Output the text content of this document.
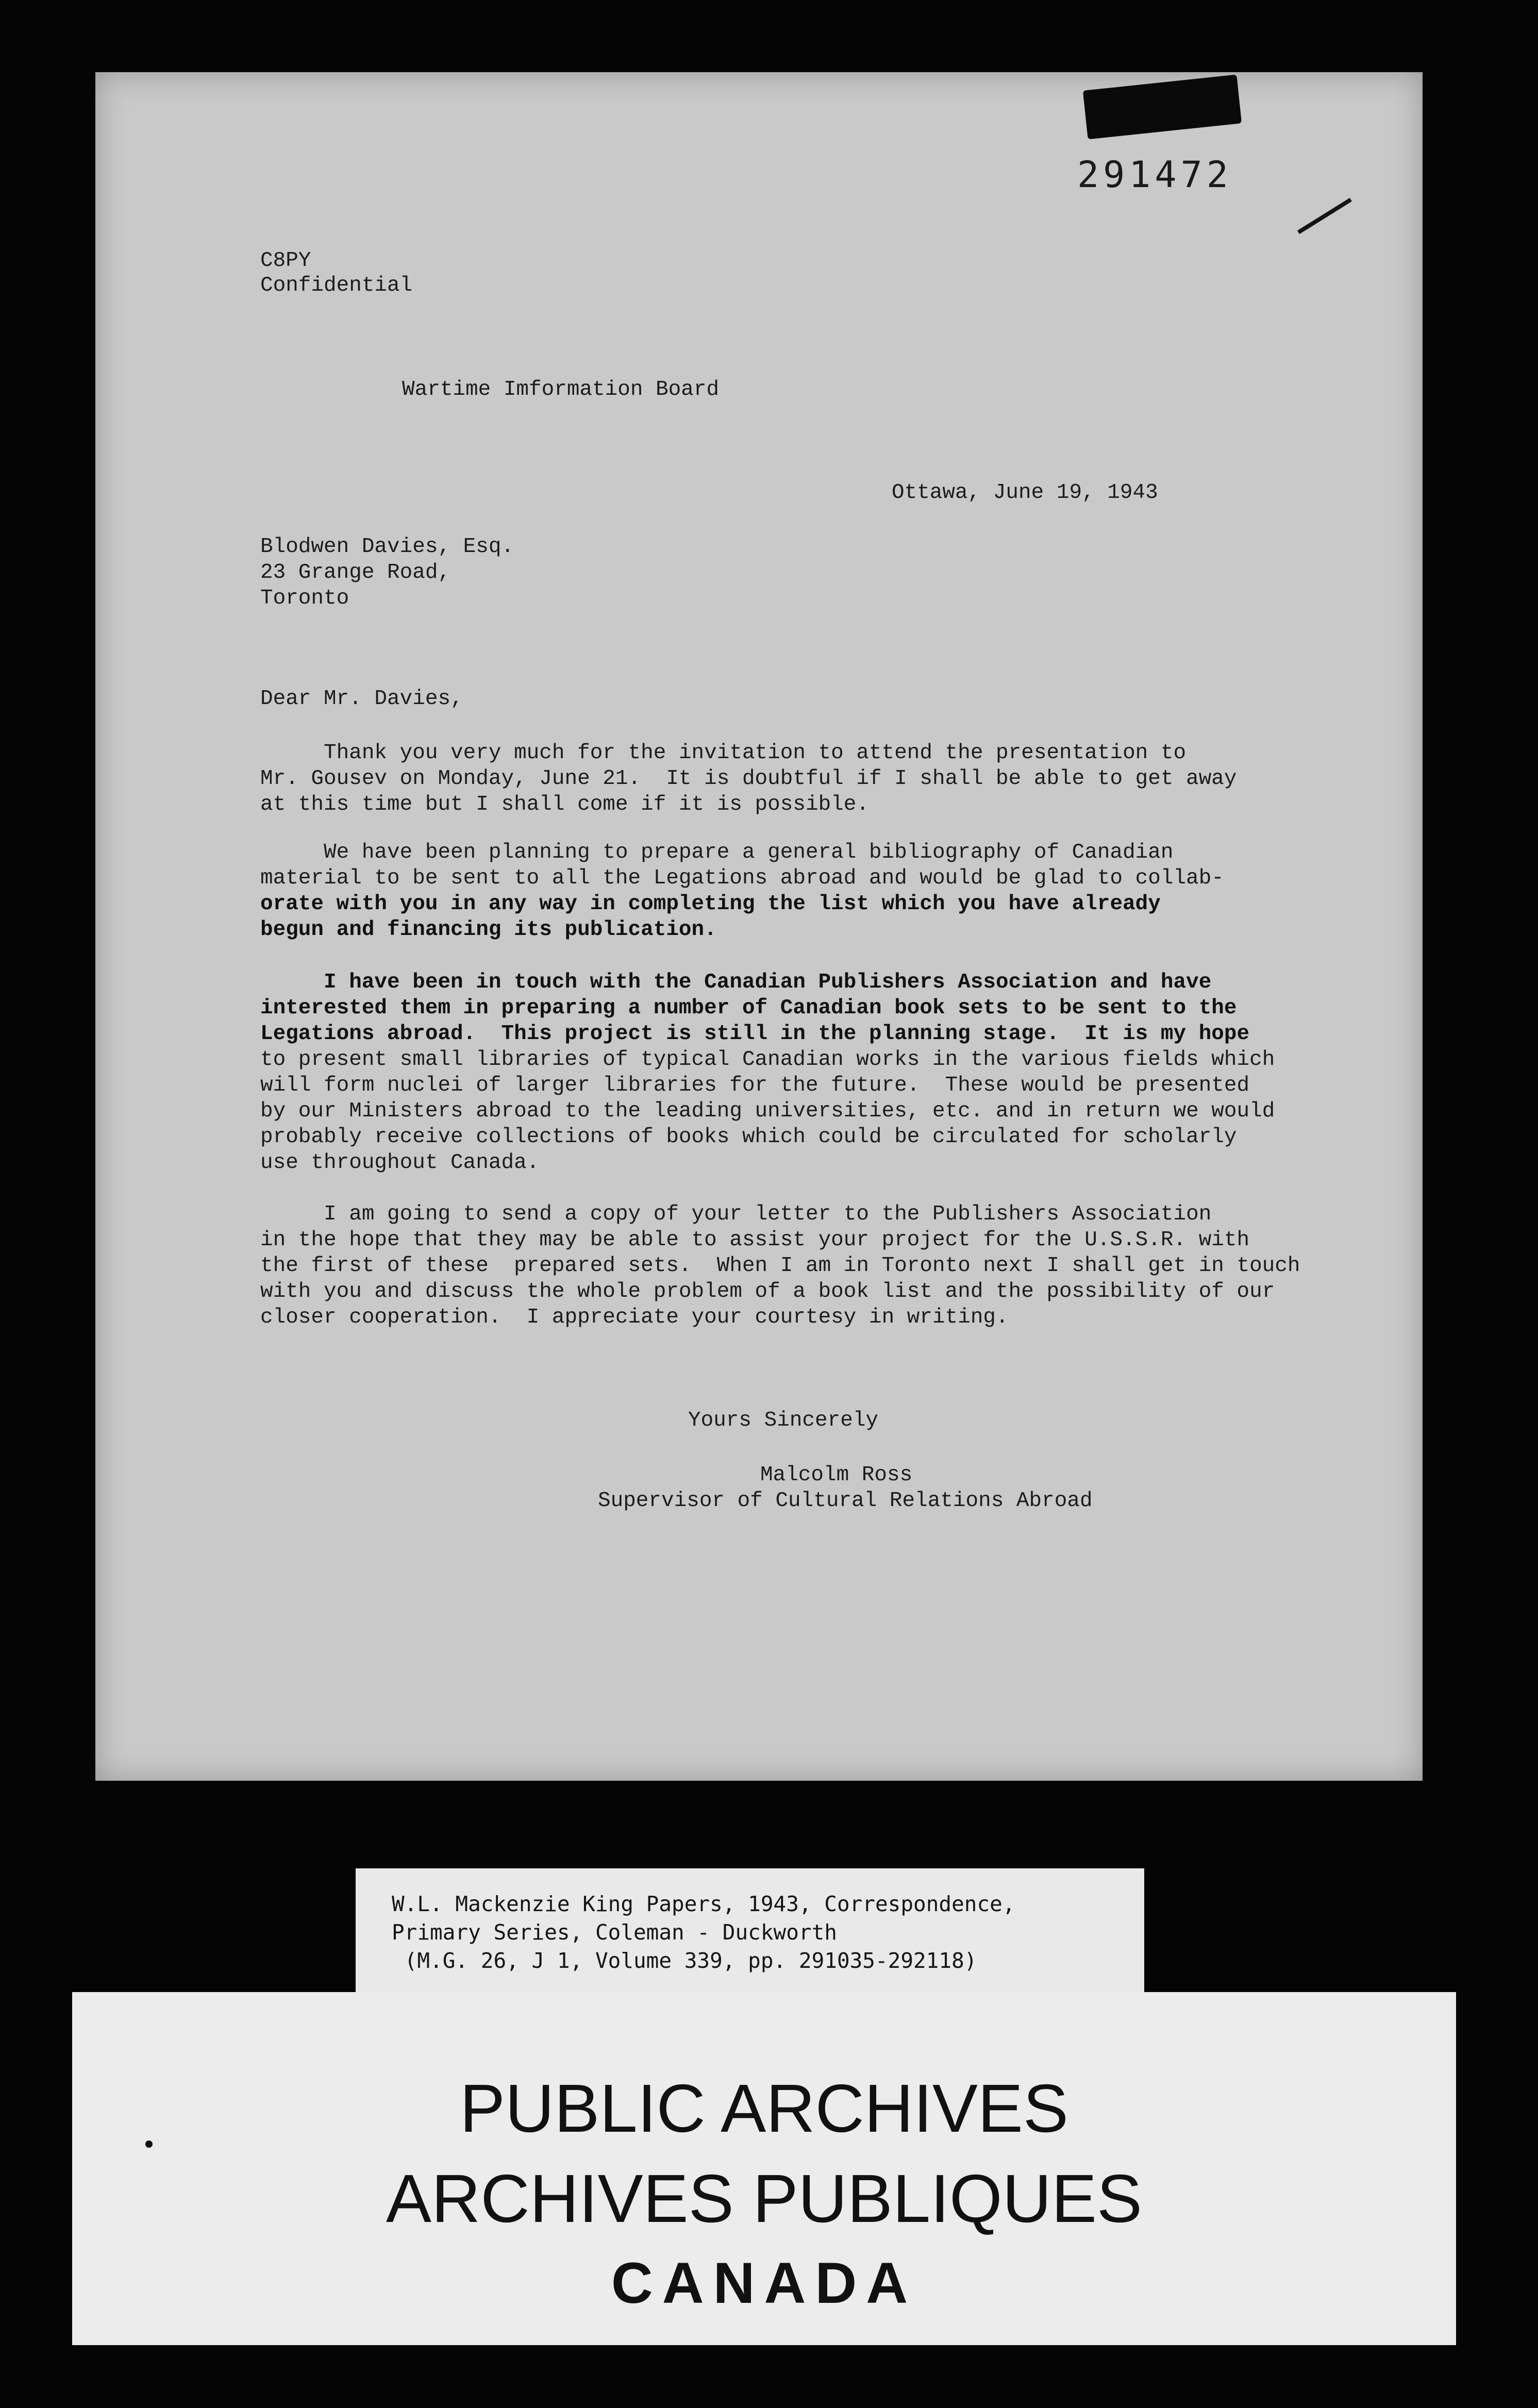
291472

C8PY

Confidential

Wartime Imformation Board

Ottawa, June 19, 1943

Blodwen Davies, Esq.

23 Grange Road,

Toronto

Dear Mr. Davies,

Thank you very much for the invitation to attend the presentation to

Mr. Gousev on Monday, June 21.  It is doubtful if I shall be able to get away

at this time but I shall come if it is possible.

We have been planning to prepare a general bibliography of Canadian

material to be sent to all the Legations abroad and would be glad to collab-

orate with you in any way in completing the list which you have already

begun and financing its publication.

I have been in touch with the Canadian Publishers Association and have

interested them in preparing a number of Canadian book sets to be sent to the

Legations abroad.  This project is still in the planning stage.  It is my hope

to present small libraries of typical Canadian works in the various fields which

will form nuclei of larger libraries for the future.  These would be presented

by our Ministers abroad to the leading universities, etc. and in return we would

probably receive collections of books which could be circulated for scholarly

use throughout Canada.

I am going to send a copy of your letter to the Publishers Association

in the hope that they may be able to assist your project for the U.S.S.R. with

the first of these  prepared sets.  When I am in Toronto next I shall get in touch

with you and discuss the whole problem of a book list and the possibility of our

closer cooperation.  I appreciate your courtesy in writing.

Yours Sincerely

Malcolm Ross

Supervisor of Cultural Relations Abroad

W.L. Mackenzie King Papers, 1943, Correspondence,
Primary Series, Coleman - Duckworth
(M.G. 26, J 1, Volume 339, pp. 291035-292118)
PUBLIC ARCHIVES
ARCHIVES PUBLIQUES
CANADA
